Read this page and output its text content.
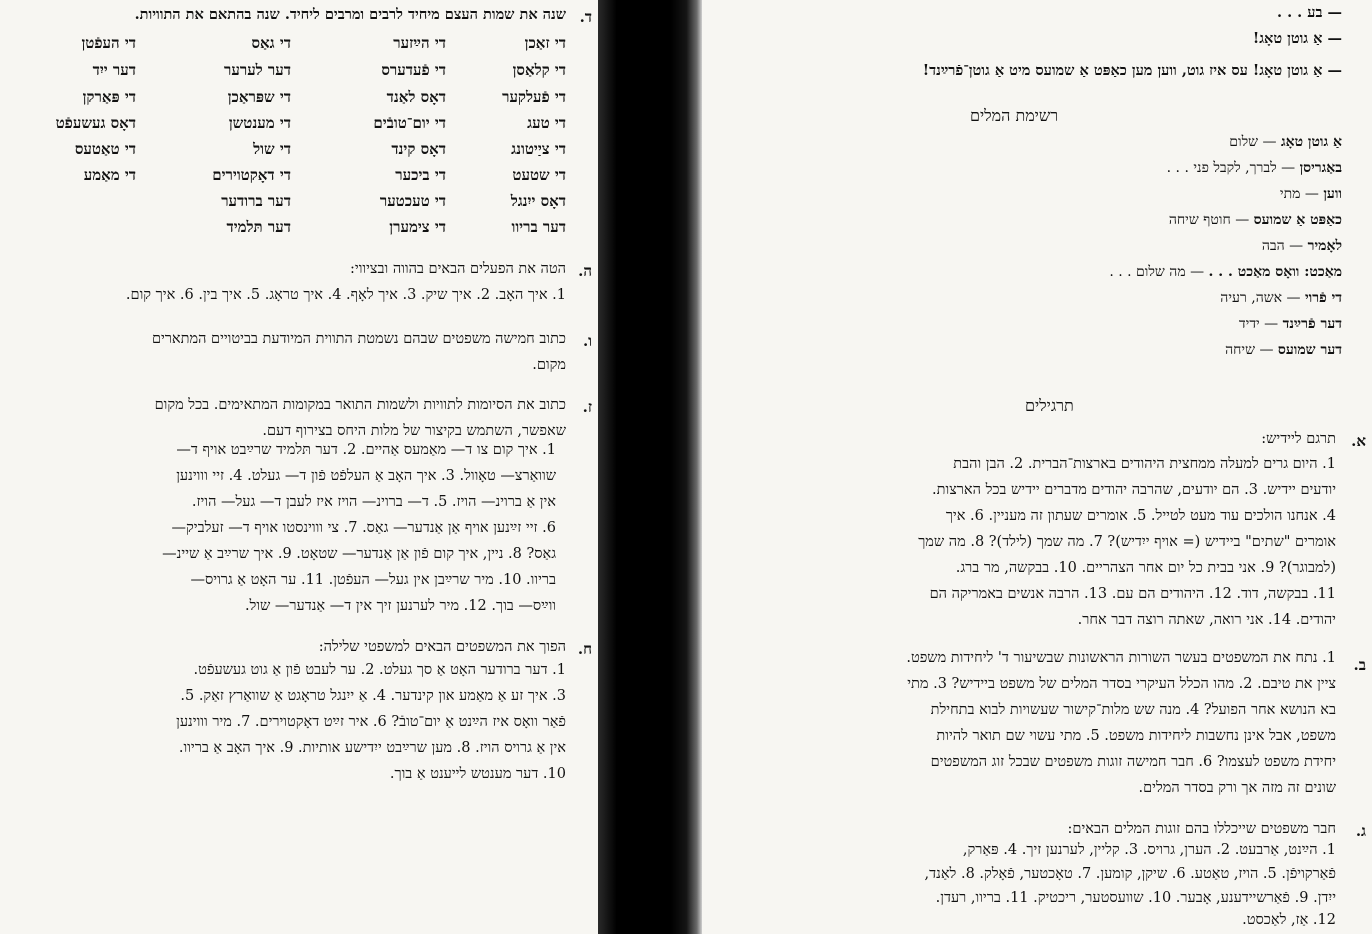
ד.
שנה את שמות העצם מיחיד לרבים ומרבים ליחיד. שנה בהתאם את התוויות.
די זאַכן
די הײַזער
די גאַס
די העפֿטן
די קלאַסן
די פֿעדערס
דער לערער
דער ייִד
די פֿעלקער
דאָס לאַנד
די שפּראַכן
די פּאַרקן
די טעג
די יום־טובֿים
די מענטשן
דאָס געשעפֿט
די ציַיטונג
דאָס קינד
די שול
די טאַטעס
די שטעט
די ביכער
די דאָקטוירים
די מאַמע
דאָס ייִנגל
די טעכטער
דער ברודער
דער בריוו
די צימערן
דער תּלמיד
ה.
הטה את הפעלים הבאים בהווה ובציווי:
1. איך האָב. 2. איך שיק. 3. איך לאָף. 4. איך טראָג. 5. איך בין. 6. איך קום.
ו.
כתוב חמישה משפטים שבהם נשמטת התווית המיודעת בביטויים המתארים
מקום.
ז.
כתוב את הסיומות לתוויות ולשמות התואר במקומות המתאימים. בכל מקום
שאפשר, השתמש בקיצור של מלות היחס בצירוף דעם.
1. איך קום צו ד— מאַמעס אַהיים. 2. דער תּלמיד שרײַבט אויף ד—
שוואַרצ— טאָוול. 3. איך האָב אַ העלפֿט פֿון ד— געלט. 4. זיי וווינען
אין אַ ברוינ— הויז. 5. ד— ברוינ— הויז איז לעבן ד— געל— הויז.
6. זיי זײַנען אויף אַן אַנדער— גאַס. 7. צי וווינסטו אויף ד— זעלביק—
גאַס? 8. ניין, איך קום פֿון אַן אַנדער— שטאָט. 9. איך שרײַב אַ שיינ—
בריוו. 10. מיר שרײַבן אין געל— העפֿטן. 11. ער האָט אַ גרויס—
ווײַס— בוך. 12. מיר לערנען זיך אין ד— אַנדער— שול.
ח.
הפוך את המשפטים הבאים למשפטי שלילה:
1. דער ברודער האָט אַ סך געלט. 2. ער לעבט פֿון אַ גוט געשעפֿט.
3. איך זע אַ מאַמע און קינדער. 4. אַ ייִנגל טראָגט אַ שוואַרץ זאַק. 5.
פֿאַר וואָס איז הײַנט אַ יום־טובֿ? 6. איר זײַט דאָקטוירים. 7. מיר וווינען
אין אַ גרויס הויז. 8. מען שרײַבט ייִדישע אותיות. 9. איך האָב אַ בריוו.
10. דער מענטש לייענט אַ בוך.
— בע . . .
— אַ גוטן טאָג!
— אַ גוטן טאָג! עס איז גוט, ווען מען כאַפּט אַ שמועס מיט אַ גוטן־פֿרײַנד!
רשימת המלים
אַ גוטן טאָג — שלום
באַגריסן — לברך, לקבל פני . . .
ווען — מתי
כאַפּט אַ שמועס — חוטף שיחה
לאָמיר — הבה
מאַכט: וואָס מאַכט . . . — מה שלום . . .
די פֿרוי — אשה, רעיה
דער פֿרײַנד — ידיד
דער שמועס — שיחה
תרגילים
א.
תרגם ליידיש:
1. היום גרים למעלה ממחצית היהודים בארצות־הברית. 2. הבן והבת
יודעים יידיש. 3. הם יודעים, שהרבה יהודים מדברים יידיש בכל הארצות.
4. אנחנו הולכים עוד מעט לטייל. 5. אומרים שעתון זה מעניין. 6. איך
אומרים "שתים" ביידיש (= אויף ייִדיש)? 7. מה שמך (לילד)? 8. מה שמך
(למבוגר)? 9. אני בבית כל יום אחר הצהריים. 10. בבקשה, מר ברג.
11. בבקשה, דוד. 12. היהודים הם עם. 13. הרבה אנשים באמריקה הם
יהודים. 14. אני רואה, שאתה רוצה דבר אחר.
ב.
1. נתח את המשפטים בעשר השורות הראשונות שבשיעור ד' ליחידות משפט.
ציין את טיבם. 2. מהו הכלל העיקרי בסדר המלים של משפט ביידיש? 3. מתי
בא הנושא אחר הפועל? 4. מנה שש מלות־קישור שעשויות לבוא בתחילת
משפט, אבל אינן נחשבות ליחידות משפט. 5. מתי עשוי שם תואר להיות
יחידת משפט לעצמו? 6. חבר חמישה זוגות משפטים שבכל זוג המשפטים
שונים זה מזה אך ורק בסדר המלים.
ג.
חבר משפטים שייכללו בהם זוגות המלים הבאים:
1. הײַנט, אַרבעט. 2. הערן, גרויס. 3. קליין, לערנען זיך. 4. פּאַרק,
פֿאַרקויפֿן. 5. הויז, טאַטע. 6. שיקן, קומען. 7. טאָכטער, פֿאָלק. 8. לאַנד,
ייִדן. 9. פֿאַרשיידענע, אָבער. 10. שוועסטער, ריכטיק. 11. בריוו, רעדן.
12. אַז, לאַכסט.
